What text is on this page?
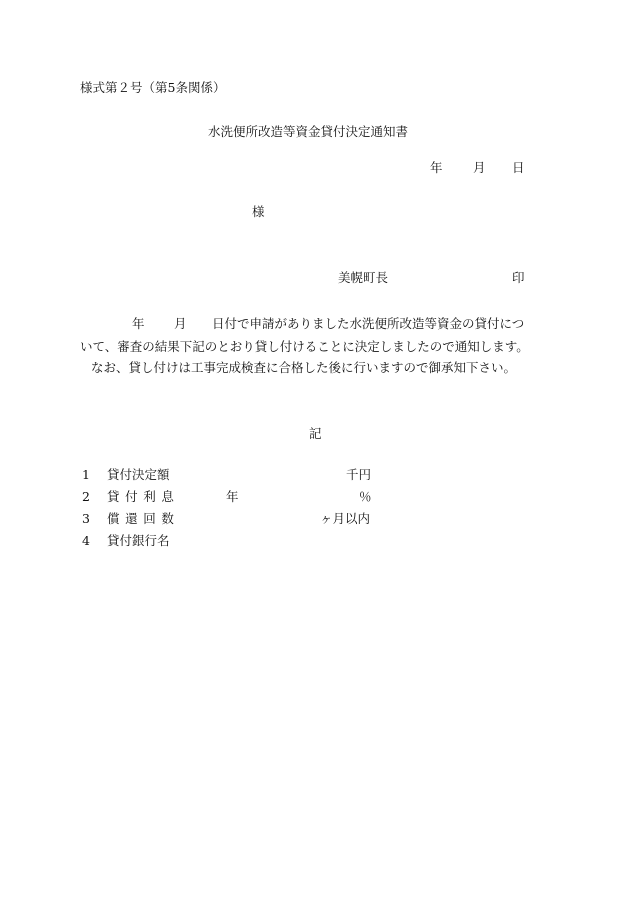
様式第２号（第5条関係）
水洗便所改造等資金貸付決定通知書
年 月 日
様
美幌町長	印
年 月 日付で申請がありました水洗便所改造等資金の貸付につ
いて、審査の結果下記のとおり貸し付けることに決定しましたので通知します。
なお、貸し付けは工事完成検査に合格した後に行いますので御承知下さい。
記
1 貸付決定額	千円
2 貸付利息	年	％
3 償還回数	ヶ月以内
4 貸付銀行名
